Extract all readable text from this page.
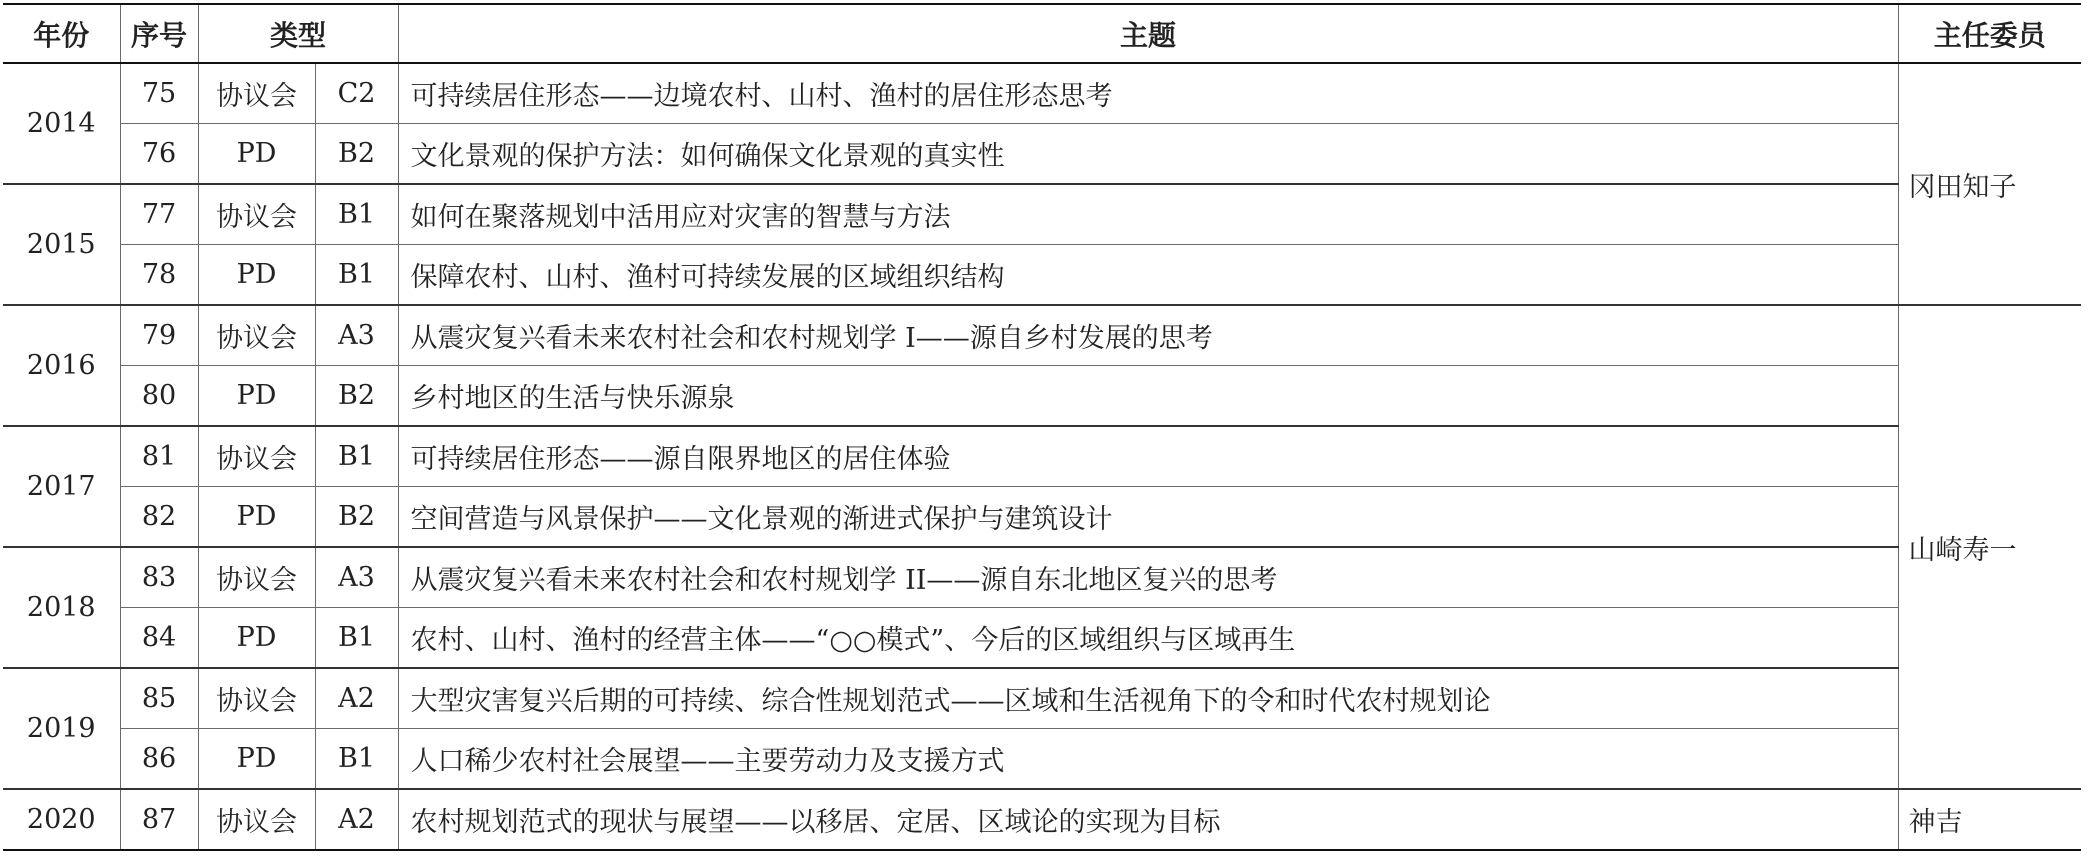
年份	序号	类型		主题	主任委员
2014	75	协议会	C2	可持续居住形态——边境农村、山村、渔村的居住形态思考	冈田知子
	76	PD	B2	文化景观的保护方法：如何确保文化景观的真实性	
2015	77	协议会	B1	如何在聚落规划中活用应对灾害的智慧与方法	
	78	PD	B1	保障农村、山村、渔村可持续发展的区域组织结构	
2016	79	协议会	A3	从震灾复兴看未来农村社会和农村规划学 I——源自乡村发展的思考	山崎寿一
	80	PD	B2	乡村地区的生活与快乐源泉	
2017	81	协议会	B1	可持续居住形态——源自限界地区的居住体验	
	82	PD	B2	空间营造与风景保护——文化景观的渐进式保护与建筑设计	
2018	83	协议会	A3	从震灾复兴看未来农村社会和农村规划学 II——源自东北地区复兴的思考	
	84	PD	B1	农村、山村、渔村的经营主体——“○○模式”、今后的区域组织与区域再生	
2019	85	协议会	A2	大型灾害复兴后期的可持续、综合性规划范式——区域和生活视角下的令和时代农村规划论	
	86	PD	B1	人口稀少农村社会展望——主要劳动力及支援方式	
2020	87	协议会	A2	农村规划范式的现状与展望——以移居、定居、区域论的实现为目标	神吉
